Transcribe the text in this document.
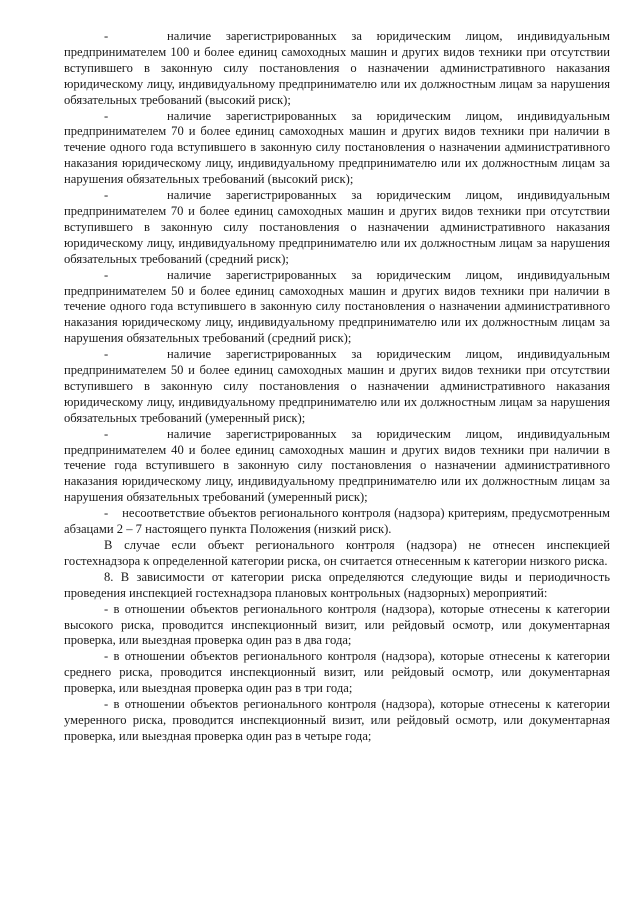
-    наличие зарегистрированных за юридическим лицом, индивидуальным предпринимателем 100 и более единиц самоходных машин и других видов техники при отсутствии вступившего в законную силу постановления о назначении административного наказания юридическому лицу, индивидуальному предпринимателю или их должностным лицам за нарушения обязательных требований (высокий риск);

-    наличие зарегистрированных за юридическим лицом, индивидуальным предпринимателем 70 и более единиц самоходных машин и других видов техники при наличии в течение одного года вступившего в законную силу постановления о назначении административного наказания юридическому лицу, индивидуальному предпринимателю или их должностным лицам за нарушения обязательных требований (высокий риск);

-    наличие зарегистрированных за юридическим лицом, индивидуальным предпринимателем 70 и более единиц самоходных машин и других видов техники при отсутствии вступившего в законную силу постановления о назначении административного наказания юридическому лицу, индивидуальному предпринимателю или их должностным лицам за нарушения обязательных требований (средний риск);

-    наличие зарегистрированных за юридическим лицом, индивидуальным предпринимателем 50 и более единиц самоходных машин и других видов техники при наличии в течение одного года вступившего в законную силу постановления о назначении административного наказания юридическому лицу, индивидуальному предпринимателю или их должностным лицам за нарушения обязательных требований (средний риск);

-    наличие зарегистрированных за юридическим лицом, индивидуальным предпринимателем 50 и более единиц самоходных машин и других видов техники при отсутствии вступившего в законную силу постановления о назначении административного наказания юридическому лицу, индивидуальному предпринимателю или их должностным лицам за нарушения обязательных требований (умеренный риск);

-    наличие зарегистрированных за юридическим лицом, индивидуальным предпринимателем 40 и более единиц самоходных машин и других видов техники при наличии в течение года вступившего в законную силу постановления о назначении административного наказания юридическому лицу, индивидуальному предпринимателю или их должностным лицам за нарушения обязательных требований (умеренный риск);

-    несоответствие объектов регионального контроля (надзора) критериям, предусмотренным абзацами 2 – 7 настоящего пункта Положения (низкий риск).

В случае если объект регионального контроля (надзора) не отнесен инспекцией гостехнадзора к определенной категории риска, он считается отнесенным к категории низкого риска.

8. В зависимости от категории риска определяются следующие виды и периодичность проведения инспекцией гостехнадзора плановых контрольных (надзорных) мероприятий:

- в отношении объектов регионального контроля (надзора), которые отнесены к категории высокого риска, проводится инспекционный визит, или рейдовый осмотр, или документарная проверка, или выездная проверка один раз в два года;

- в отношении объектов регионального контроля (надзора), которые отнесены к категории среднего риска, проводится инспекционный визит, или рейдовый осмотр, или документарная проверка, или выездная проверка один раз в три года;

- в отношении объектов регионального контроля (надзора), которые отнесены к категории умеренного риска, проводится инспекционный визит, или рейдовый осмотр, или документарная проверка, или выездная проверка один раз в четыре года;
